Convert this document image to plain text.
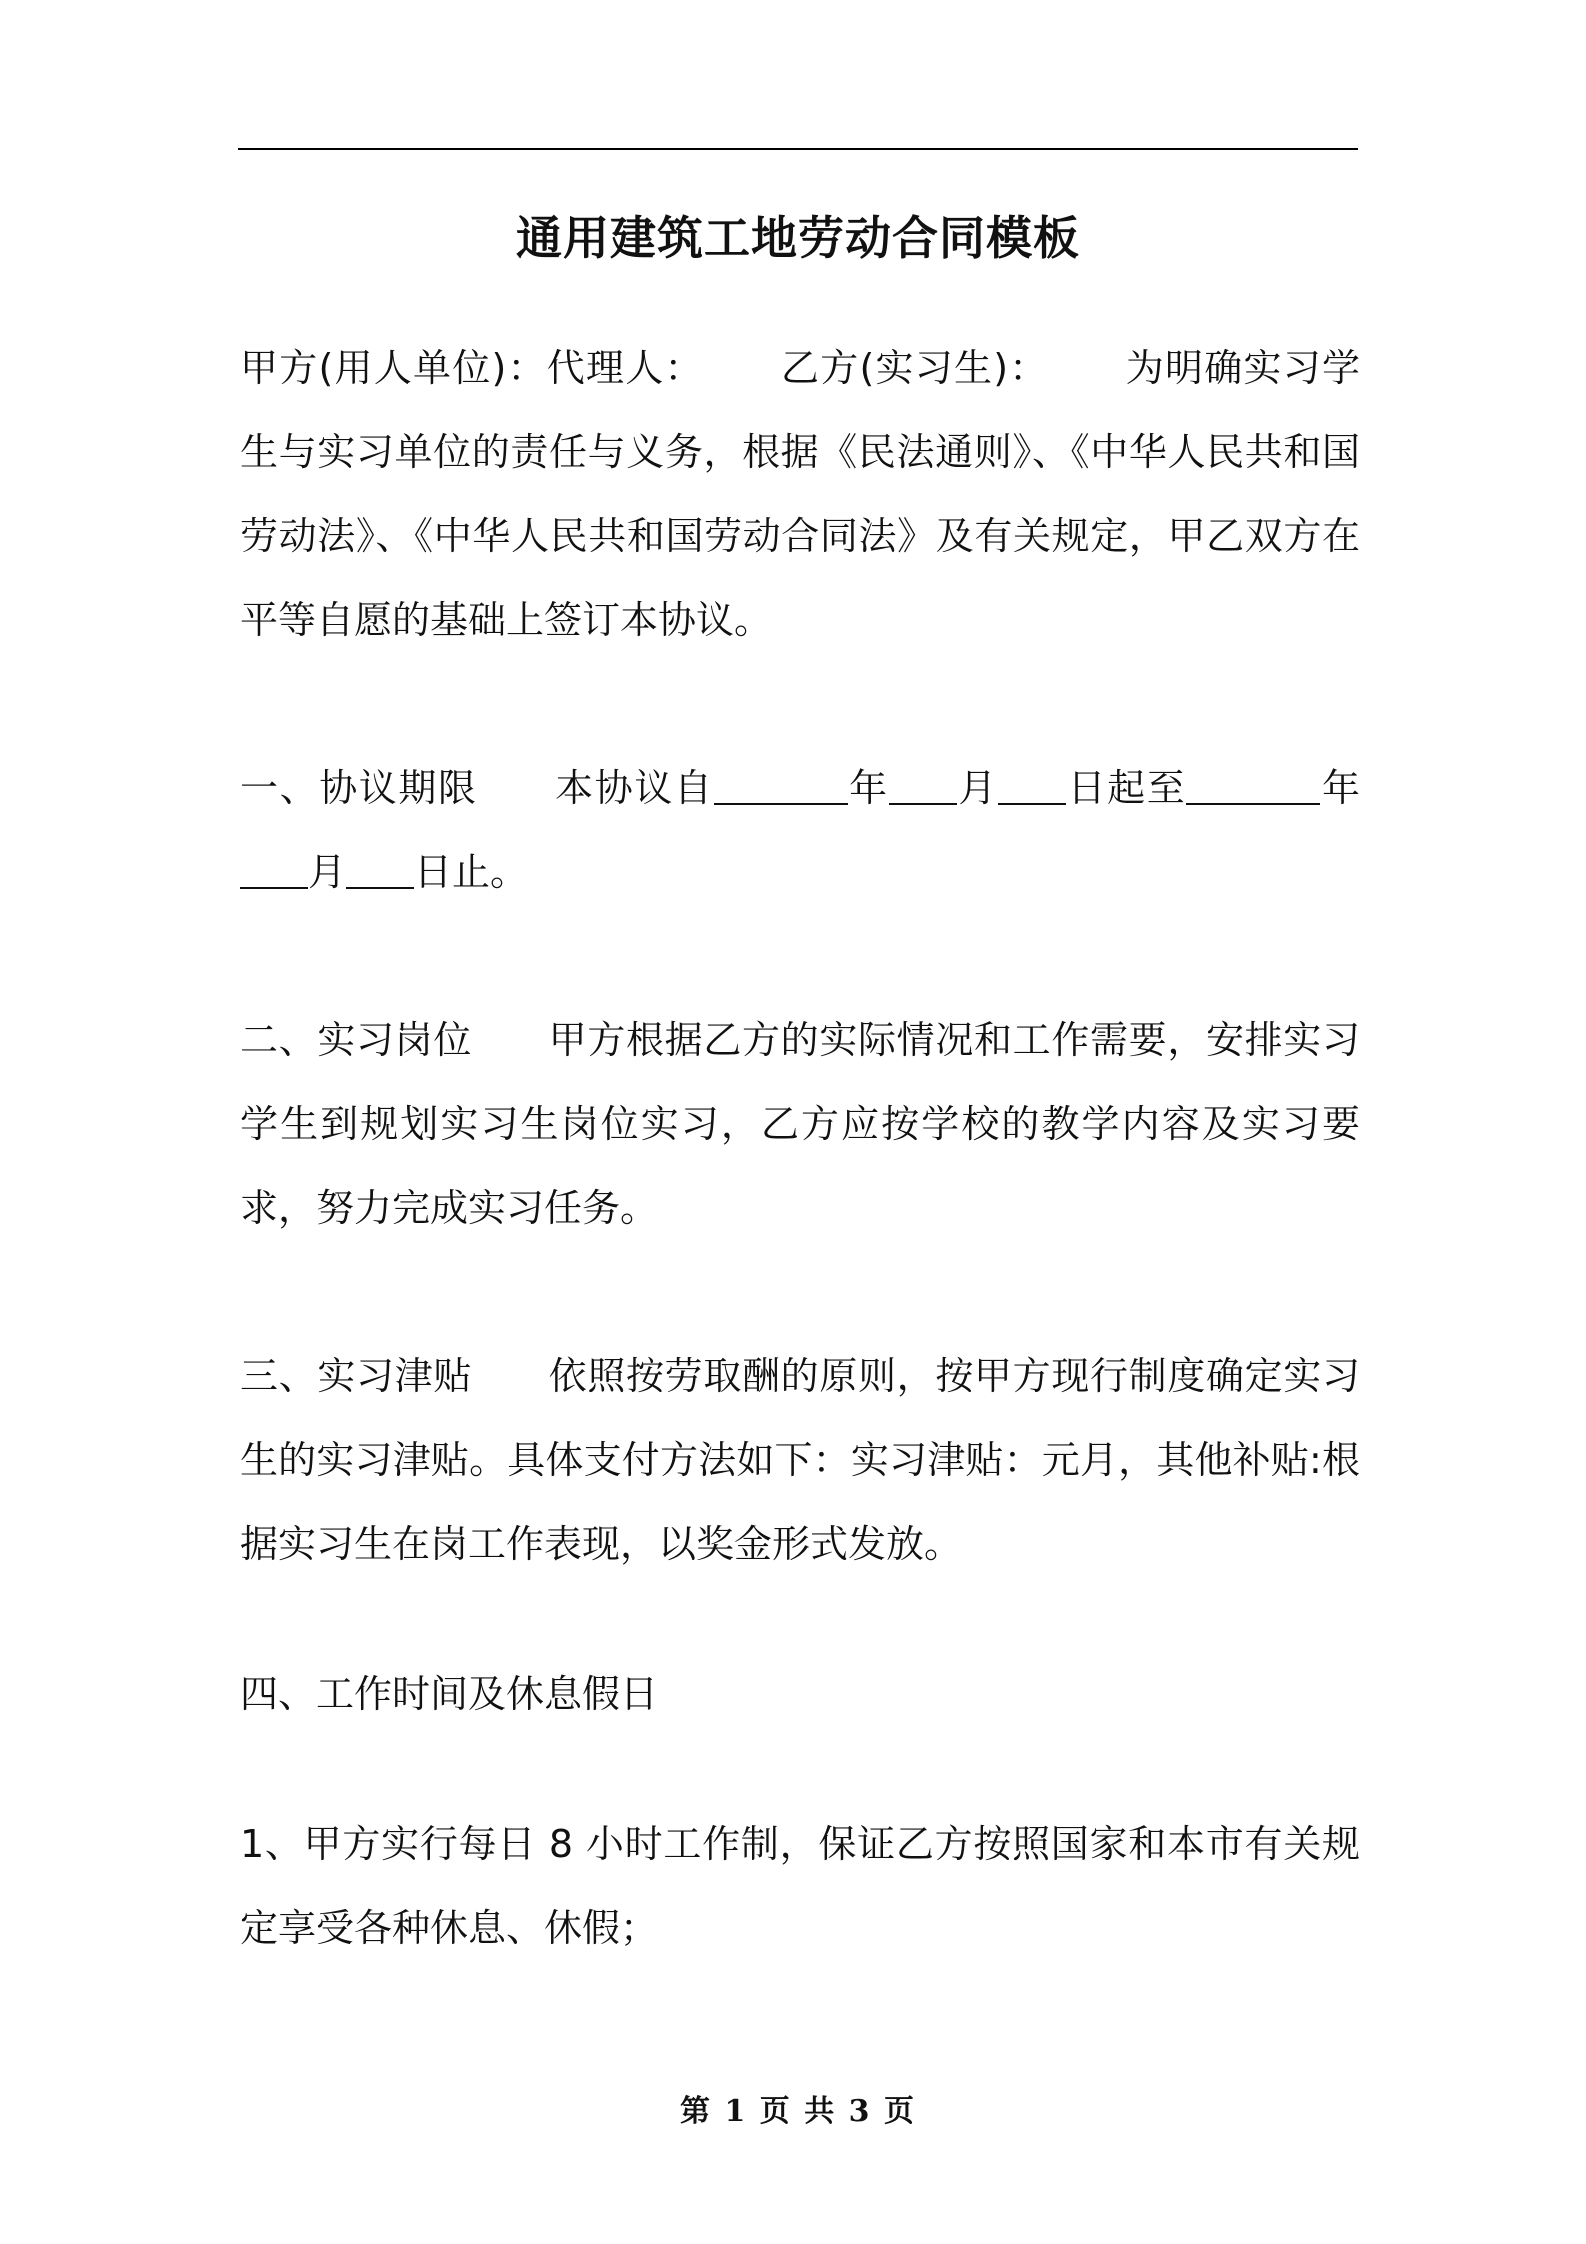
通用建筑工地劳动合同模板

甲方(用人单位)：代理人： 乙方(实习生)： 为明确实习学生与实习单位的责任与义务，根据《民法通则》、《中华人民共和国劳动法》、《中华人民共和国劳动合同法》及有关规定，甲乙双方在平等自愿的基础上签订本协议。

一、协议期限 本协议自	年 月 日起至	年月 日止。

二、实习岗位 甲方根据乙方的实际情况和工作需要，安排实习学生到规划实习生岗位实习，乙方应按学校的教学内容及实习要求，努力完成实习任务。

三、实习津贴 依照按劳取酬的原则，按甲方现行制度确定实习生的实习津贴。具体支付方法如下：实习津贴：元月，其他补贴:根据实习生在岗工作表现，以奖金形式发放。

四、工作时间及休息假日

1、甲方实行每日 8 小时工作制，保证乙方按照国家和本市有关规定享受各种休息、休假；

第 1 页 共 3 页
